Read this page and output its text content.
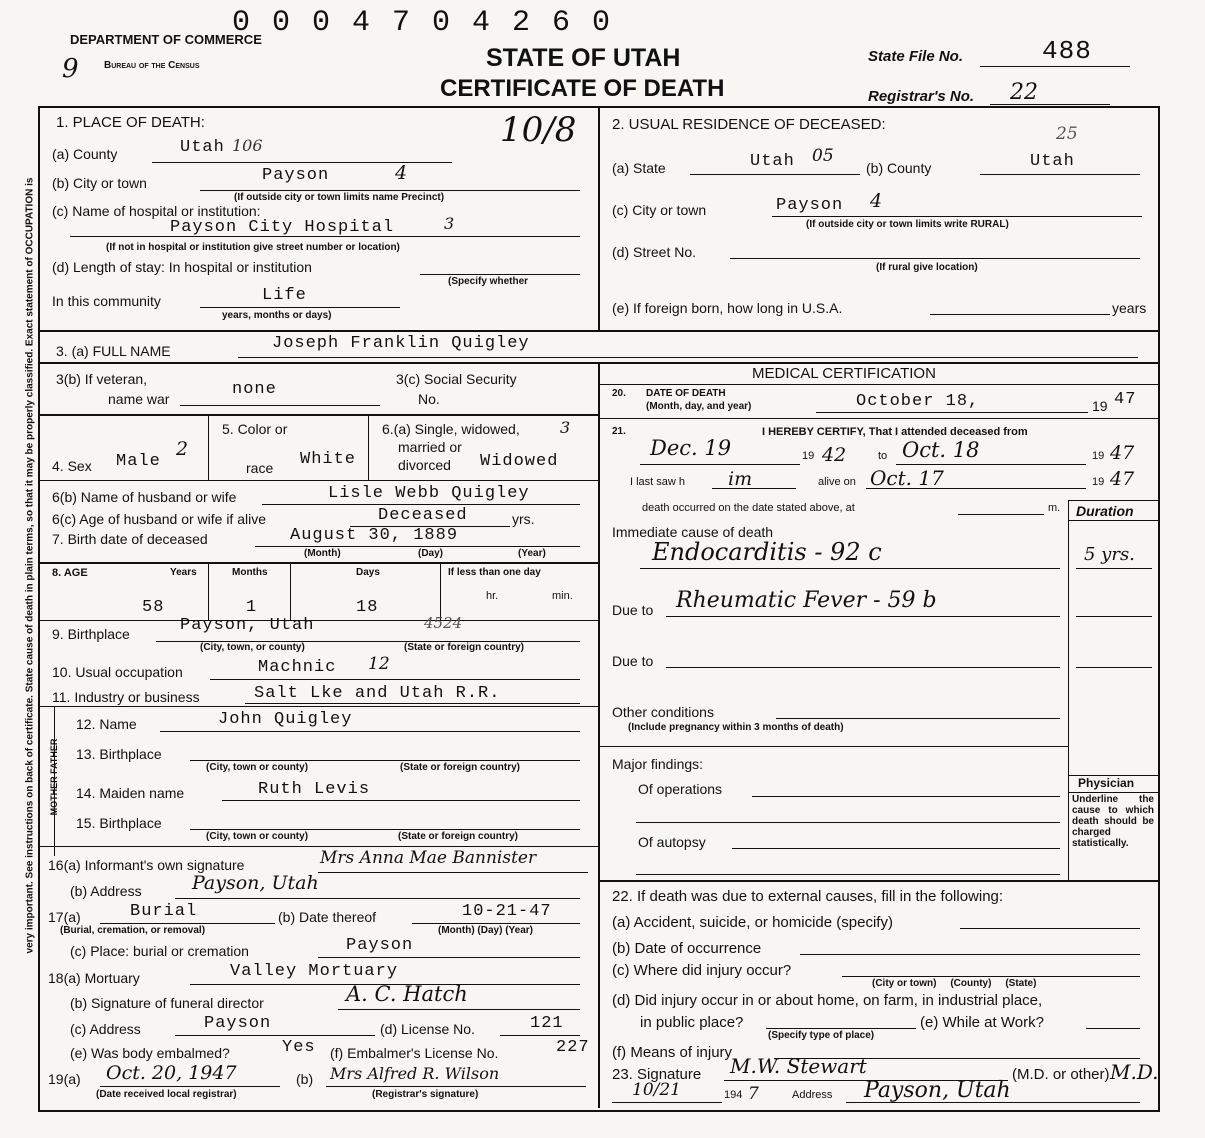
very important. See instructions on back of certificate. State cause of death in plain terms, so that it may be properly classified. Exact statement of OCCUPATION is
9
DEPARTMENT OF COMMERCE
Bureau of the Census
0 0 0 4 7 0 4 2 6 0
STATE OF UTAH
CERTIFICATE OF DEATH
State File No.	488
Registrar's No. 22
1. PLACE OF DEATH:	10/8
(a) County	Utah 106
(b) City or town	Payson	4
(If outside city or town limits name Precinct)
(c) Name of hospital or institution:
Payson City Hospital	3
(If not in hospital or institution give street number or location)
(d) Length of stay: In hospital or institution
(Specify whether
In this community	Life
years, months or days)
2. USUAL RESIDENCE OF DECEASED:
(a) State	Utah 05
(b) County	Utah
25
(c) City or town	Payson 4
(If outside city or town limits write RURAL)
(d) Street No.
(If rural give location)
(e) If foreign born, how long in U.S.A.	years
3. (a) FULL NAME	Joseph Franklin Quigley
3(b) If veteran,
name war	none
3(c) Social Security
No.
4. Sex Male
2
5. Color or
race White
6.(a) Single, widowed,
married or
divorced Widowed
3
6(b) Name of husband or wife	Lisle Webb Quigley
6(c) Age of husband or wife if alive	Deceased	yrs.
7. Birth date of deceased	August 30, 1889
(Month)	(Day)	(Year)
8. AGE	Years	Months	Days	If less than one day
58	1	18
hr.	min.
9. Birthplace	Payson, Utah	4524
(City, town, or county)	(State or foreign country)
10. Usual occupation	Machnic 12
11. Industry or business	Salt Lke and Utah R.R.
MOTHER FATHER
12. Name	John Quigley
13. Birthplace
(City, town or county)	(State or foreign country)
14. Maiden name	Ruth Levis
15. Birthplace
(City, town or county)	(State or foreign country)
16(a) Informant's own signature	Mrs Anna Mae Bannister
(b) Address	Payson, Utah
17(a)	Burial
(Burial, cremation, or removal)
(b) Date thereof	10-21-47
(Month) (Day) (Year)
(c) Place: burial or cremation	Payson
18(a) Mortuary	Valley Mortuary
(b) Signature of funeral director	A. C. Hatch
(c) Address	Payson	(d) License No.	121
(e) Was body embalmed?	Yes (f) Embalmer's License No.	227
19(a) Oct. 20, 1947
(Date received local registrar)
(b) Mrs Alfred R. Wilson
(Registrar's signature)
MEDICAL CERTIFICATION
20. DATE OF DEATH
(Month, day, and year)	October 18,	19 47
21.	I HEREBY CERTIFY, That I attended deceased from
Dec. 19	19 42	to Oct. 18	19 47
I last saw h im	alive on Oct. 17	19 47
death occurred on the date stated above, at	m. Duration
Immediate cause of death
Endocarditis - 92 c	5 yrs.
Due to Rheumatic Fever - 59 b
Due to
Other conditions
(Include pregnancy within 3 months of death)
Major findings:
Of operations
Of autopsy
Physician
Underline the cause to which death should be charged statistically.
22. If death was due to external causes, fill in the following:
(a) Accident, suicide, or homicide (specify)
(b) Date of occurrence
(c) Where did injury occur?
(City or town)     (County)     (State)
(d) Did injury occur in or about home, on farm, in industrial place,
in public place?
(Specify type of place)
(e) While at Work?
(f) Means of injury
23. Signature M.W. Stewart	(M.D. or other) M.D.
10/21	194 7	Address Payson, Utah
